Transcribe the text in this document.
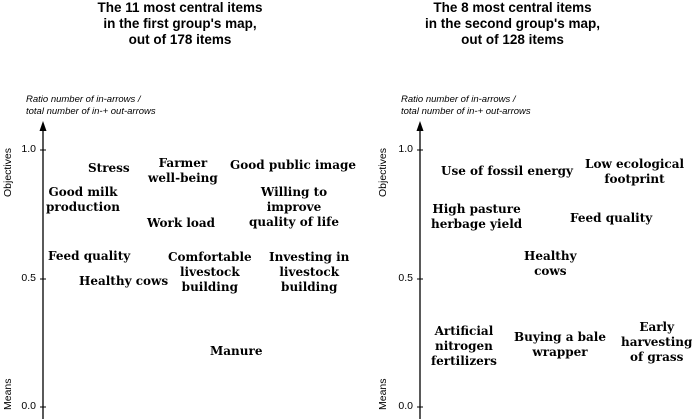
The 11 most central items
in the first group's map,
out of 178 items
Ratio number of in-arrows /
total number of in-+ out-arrows
1.0
0.5
0.0
Objectives
Means
Stress	Farmer
well-being
Good public image
Good milk
production
Willing to
improve
quality of life
Work load
Feed quality	Comfortable
livestock
building
Investing in
livestock
building
Healthy cows
Manure
The 8 most central items
in the second group's map,
out of 128 items
Ratio number of in-arrows /
total number of in-+ out-arrows
1.0
0.5
0.0
Objectives
Means
Use of fossil energy Low ecological
footprint
High pasture
herbage yield	Feed quality
Healthy
cows
Artificial
nitrogen
fertilizers
Buying a bale
wrapper
Early
harvesting
of grass
